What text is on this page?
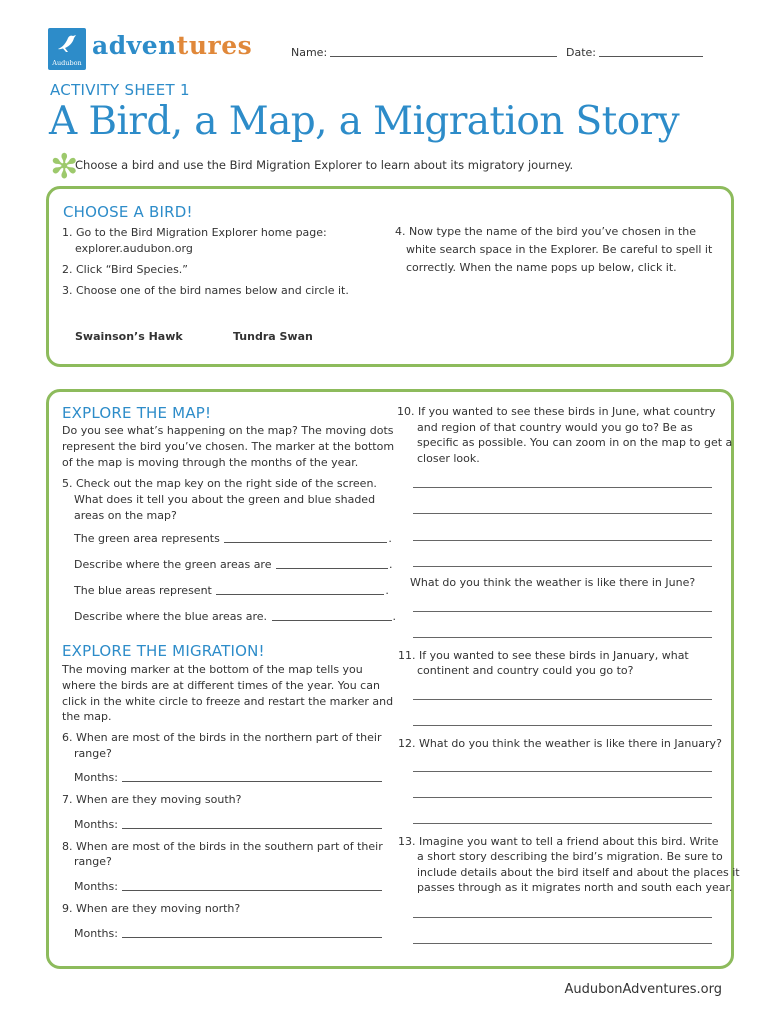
Audubon
adventures	Name:	Date:
ACTIVITY SHEET 1
A Bird, a Map, a Migration Story
✻
Choose a bird and use the Bird Migration Explorer to learn about its migratory journey.
CHOOSE A BIRD!
1. Go to the Bird Migration Explorer home page:
explorer.audubon.org
2. Click “Bird Species.”
3. Choose one of the bird names below and circle it.
Swainson’s Hawk	Tundra Swan
4. Now type the name of the bird you’ve chosen in the
white search space in the Explorer. Be careful to spell it
correctly. When the name pops up below, click it.
EXPLORE THE MAP!
Do you see what’s happening on the map? The moving dots
represent the bird you’ve chosen. The marker at the bottom
of the map is moving through the months of the year.
5. Check out the map key on the right side of the screen.
What does it tell you about the green and blue shaded
areas on the map?
The green area represents	.
Describe where the green areas are	.
The blue areas represent	.
Describe where the blue areas are.	.
EXPLORE THE MIGRATION!
The moving marker at the bottom of the map tells you
where the birds are at different times of the year. You can
click in the white circle to freeze and restart the marker and
the map.
6. When are most of the birds in the northern part of their
range?
Months:
7. When are they moving south?
Months:
8. When are most of the birds in the southern part of their
range?
Months:
9. When are they moving north?
Months:
10. If you wanted to see these birds in June, what country
and region of that country would you go to? Be as
specific as possible. You can zoom in on the map to get a
closer look.
What do you think the weather is like there in June?
11. If you wanted to see these birds in January, what
continent and country could you go to?
12. What do you think the weather is like there in January?
13. Imagine you want to tell a friend about this bird. Write
a short story describing the bird’s migration. Be sure to
include details about the bird itself and about the places it
passes through as it migrates north and south each year.
AudubonAdventures.org
